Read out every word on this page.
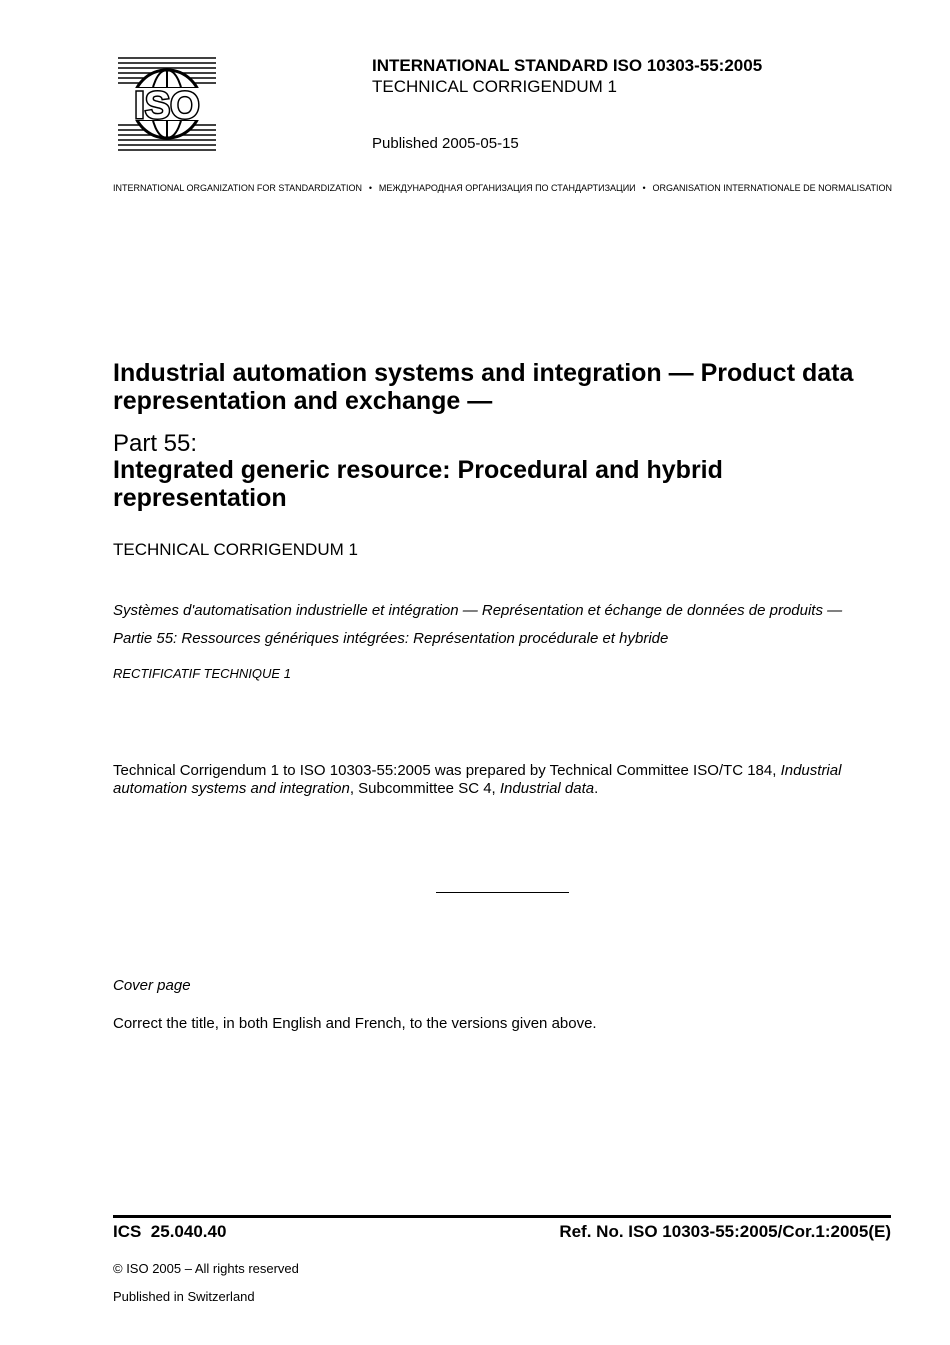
ISO
INTERNATIONAL STANDARD ISO 10303-55:2005
TECHNICAL CORRIGENDUM 1
Published 2005-05-15
INTERNATIONAL ORGANIZATION FOR STANDARDIZATION • МЕЖДУНАРОДНАЯ ОРГАНИЗАЦИЯ ПО СТАНДАРТИЗАЦИИ • ORGANISATION INTERNATIONALE DE NORMALISATION
Industrial automation systems and integration — Product data representation and exchange —
Part 55:
Integrated generic resource: Procedural and hybrid representation
TECHNICAL CORRIGENDUM 1
Systèmes d'automatisation industrielle et intégration — Représentation et échange de données de produits —
Partie 55: Ressources génériques intégrées: Représentation procédurale et hybride
RECTIFICATIF TECHNIQUE 1
Technical Corrigendum 1 to ISO 10303-55:2005 was prepared by Technical Committee ISO/TC 184, Industrial automation systems and integration, Subcommittee SC 4, Industrial data.
Cover page
Correct the title, in both English and French, to the versions given above.
ICS  25.040.40	Ref. No. ISO 10303-55:2005/Cor.1:2005(E)
© ISO 2005 – All rights reserved
Published in Switzerland
